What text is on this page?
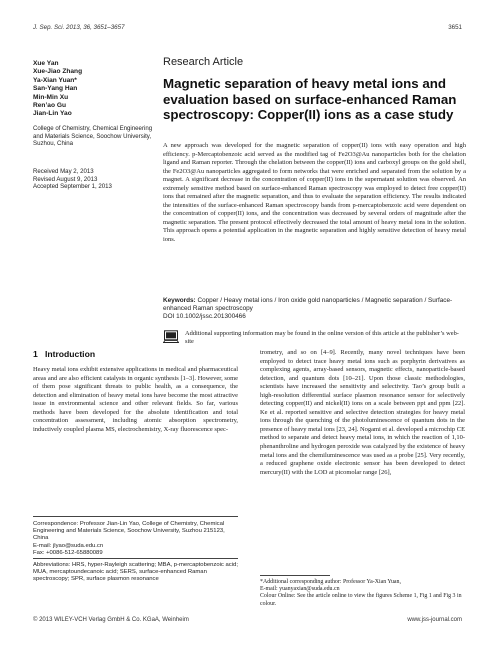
J. Sep. Sci. 2013, 36, 3651–3657	3651
Xue Yan
Xue-Jiao Zhang
Ya-Xian Yuan*
San-Yang Han
Min-Min Xu
Ren’ao Gu
Jian-Lin Yao
College of Chemistry, Chemical Engineering and Materials Science, Soochow University, Suzhou, China
Received May 2, 2013
Revised August 9, 2013
Accepted September 1, 2013
Research Article
Magnetic separation of heavy metal ions and evaluation based on surface-enhanced Raman spectroscopy: Copper(II) ions as a case study
A new approach was developed for the magnetic separation of copper(II) ions with easy operation and high efficiency. p-Mercaptobenzoic acid served as the modified tag of Fe2O3@Au nanoparticles both for the chelation ligand and Raman reporter. Through the chelation between the copper(II) ions and carboxyl groups on the gold shell, the Fe2O3@Au nanoparticles aggregated to form networks that were enriched and separated from the solution by a magnet. A significant decrease in the concentration of copper(II) ions in the supernatant solution was observed. An extremely sensitive method based on surface-enhanced Raman spectroscopy was employed to detect free copper(II) ions that remained after the magnetic separation, and thus to evaluate the separation efficiency. The results indicated the intensities of the surface-enhanced Raman spectroscopy bands from p-mercaptobenzoic acid were dependent on the concentration of copper(II) ions, and the concentration was decreased by several orders of magnitude after the magnetic separation. The present protocol effectively decreased the total amount of heavy metal ions in the solution. This approach opens a potential application in the magnetic separation and highly sensitive detection of heavy metal ions.
Keywords: Copper / Heavy metal ions / Iron oxide gold nanoparticles / Magnetic separation / Surface-enhanced Raman spectroscopy
DOI 10.1002/jssc.201300466
Additional supporting information may be found in the online version of this article at the publisher’s web-site
1 Introduction
Heavy metal ions exhibit extensive applications in medical and pharmaceutical areas and are also efficient catalysts in organic synthesis [1–3]. However, some of them pose significant threats to public health, as a consequence, the detection and elimination of heavy metal ions have become the most attractive issue in environmental science and other relevant fields. So far, various methods have been developed for the absolute identification and total concentration assessment, including atomic absorption spectrometry, inductively coupled plasma MS, electrochemistry, X-ray fluorescence spec-
trometry, and so on [4–9]. Recently, many novel techniques have been employed to detect trace heavy metal ions such as porphyrin derivatives as complexing agents, array-based sensors, magnetic effects, nanoparticle-based detection, and quantum dots [10–21]. Upon those classic methodologies, scientists have increased the sensitivity and selectivity. Tao’s group built a high-resolution differential surface plasmon resonance sensor for selectively detecting copper(II) and nickel(II) ions on a scale between ppt and ppm [22]. Ke et al. reported sensitive and selective detection strategies for heavy metal ions through the quenching of the photoluminescence of quantum dots in the presence of heavy metal ions [23, 24]. Nogami et al. developed a microchip CE method to separate and detect heavy metal ions, in which the reaction of 1,10-phenanthroline and hydrogen peroxide was catalyzed by the existence of heavy metal ions and the chemiluminescence was used as a probe [25]. Very recently, a reduced graphene oxide electronic sensor has been developed to detect mercury(II) with the LOD at picomolar range [26],
Correspondence: Professor Jian-Lin Yao, College of Chemistry, Chemical Engineering and Materials Science, Soochow University, Suzhou 215123, China
E-mail: jlyao@suda.edu.cn
Fax: +0086-512-65880089
Abbreviations: HRS, hyper-Rayleigh scattering; MBA, p-mercaptobenzoic acid; MUA, mercaptoundecanoic acid; SERS, surface-enhanced Raman spectroscopy; SPR, surface plasmon resonance	*Additional corresponding author: Professor Ya-Xian Yuan,
E-mail: yuanyaxian@suda.edu.cn
Colour Online: See the article online to view the figures Scheme 1, Fig 1 and Fig 3 in colour.
© 2013 WILEY-VCH Verlag GmbH & Co. KGaA, Weinheim	www.jss-journal.com
